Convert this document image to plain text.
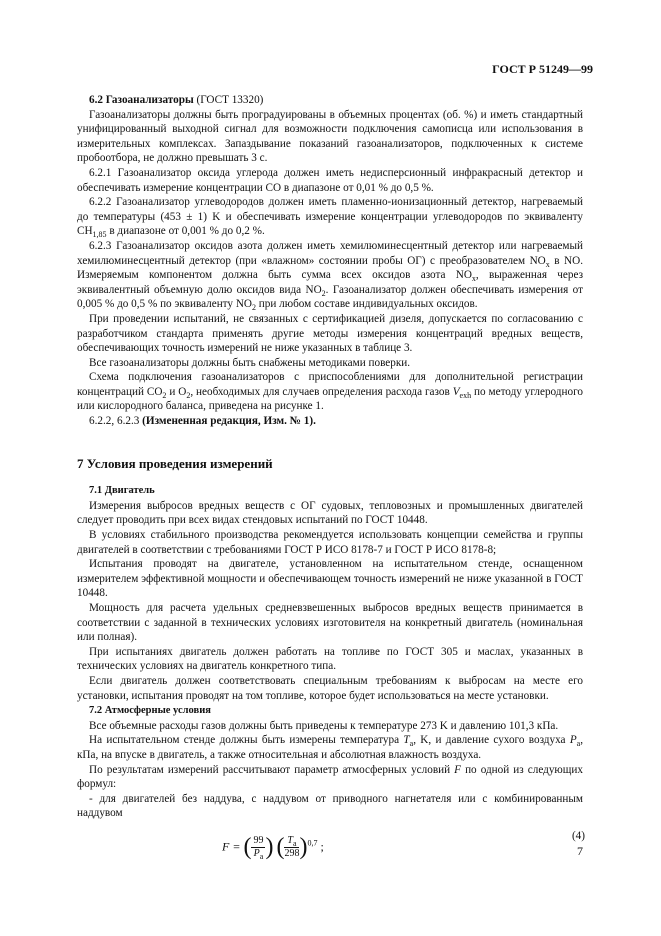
ГОСТ Р 51249—99

6.2 Газоанализаторы (ГОСТ 13320)

Газоанализаторы должны быть проградуированы в объемных процентах (об. %) и иметь стандартный унифицированный выходной сигнал для возможности подключения самописца или использования в измерительных комплексах. Запаздывание показаний газоанализаторов, подключенных к системе пробоотбора, не должно превышать 3 с.

6.2.1 Газоанализатор оксида углерода должен иметь недисперсионный инфракрасный детектор и обеспечивать измерение концентрации СО в диапазоне от 0,01 % до 0,5 %.

6.2.2 Газоанализатор углеводородов должен иметь пламенно-ионизационный детектор, нагреваемый до температуры (453 ± 1) K и обеспечивать измерение концентрации углеводородов по эквиваленту $CH_{1,85}$ в диапазоне от 0,001 % до 0,2 %.

6.2.3 Газоанализатор оксидов азота должен иметь хемилюминесцентный детектор или нагреваемый хемилюминесцентный детектор (при «влажном» состоянии пробы ОГ) с преобразователем $NO_x$ в NO. Измеряемым компонентом должна быть сумма всех оксидов азота $NO_x$, выраженная через эквивалентный объемную долю оксидов вида $NO_2$. Газоанализатор должен обеспечивать измерения от 0,005 % до 0,5 % по эквиваленту $NO_2$ при любом составе индивидуальных оксидов.

При проведении испытаний, не связанных с сертификацией дизеля, допускается по согласованию с разработчиком стандарта применять другие методы измерения концентраций вредных веществ, обеспечивающих точность измерений не ниже указанных в таблице 3.

Все газоанализаторы должны быть снабжены методиками поверки.

Схема подключения газоанализаторов с приспособлениями для дополнительной регистрации концентраций $CO_2$ и $O_2$, необходимых для случаев определения расхода газов $V_{exh}$ по методу углеродного или кислородного баланса, приведена на рисунке 1.

6.2.2, 6.2.3 (Измененная редакция, Изм. № 1).

7 Условия проведения измерений

7.1 Двигатель

Измерения выбросов вредных веществ с ОГ судовых, тепловозных и промышленных двигателей следует проводить при всех видах стендовых испытаний по ГОСТ 10448.

В условиях стабильного производства рекомендуется использовать концепции семейства и группы двигателей в соответствии с требованиями ГОСТ Р ИСО 8178-7 и ГОСТ Р ИСО 8178-8;

Испытания проводят на двигателе, установленном на испытательном стенде, оснащенном измерителем эффективной мощности и обеспечивающем точность измерений не ниже указанной в ГОСТ 10448.

Мощность для расчета удельных средневзвешенных выбросов вредных веществ принимается в соответствии с заданной в технических условиях изготовителя на конкретный двигатель (номинальная или полная).

При испытаниях двигатель должен работать на топливе по ГОСТ 305 и маслах, указанных в технических условиях на двигатель конкретного типа.

Если двигатель должен соответствовать специальным требованиям к выбросам на месте его установки, испытания проводят на том топливе, которое будет использоваться на месте установки.

7.2 Атмосферные условия

Все объемные расходы газов должны быть приведены к температуре 273 K и давлению 101,3 кПа.

На испытательном стенде должны быть измерены температура $T_a$, K, и давление сухого воздуха $P_a$, кПа, на впуске в двигатель, а также относительная и абсолютная влажность воздуха.

По результатам измерений рассчитывают параметр атмосферных условий F по одной из следующих формул:

- для двигателей без наддува, с наддувом от приводного нагнетателя или с комбинированным наддувом

F = ( $\frac{99}{P_a}$ ) ( $\frac{T_a}{298} )^{0,7}$ ;
(4)
7
